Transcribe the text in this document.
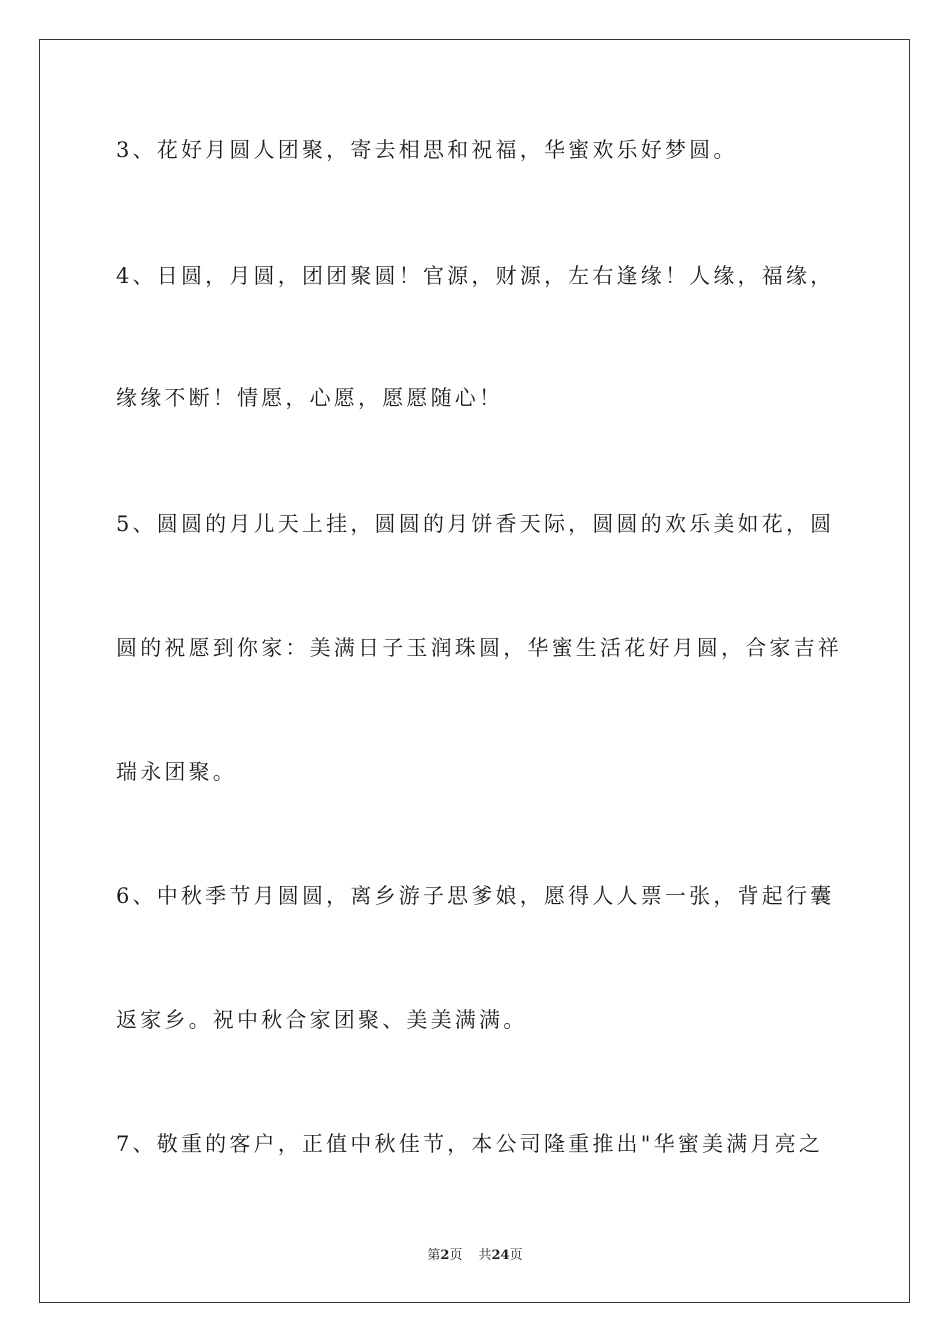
3、花好月圆人团聚，寄去相思和祝福，华蜜欢乐好梦圆。
4、日圆，月圆，团团聚圆！官源，财源，左右逢缘！人缘，福缘，
缘缘不断！情愿，心愿，愿愿随心！
5、圆圆的月儿天上挂，圆圆的月饼香天际，圆圆的欢乐美如花，圆
圆的祝愿到你家：美满日子玉润珠圆，华蜜生活花好月圆，合家吉祥
瑞永团聚。
6、中秋季节月圆圆，离乡游子思爹娘，愿得人人票一张，背起行囊
返家乡。祝中秋合家团聚、美美满满。
7、敬重的客户，正值中秋佳节，本公司隆重推出"华蜜美满月亮之
第2页 共24页
